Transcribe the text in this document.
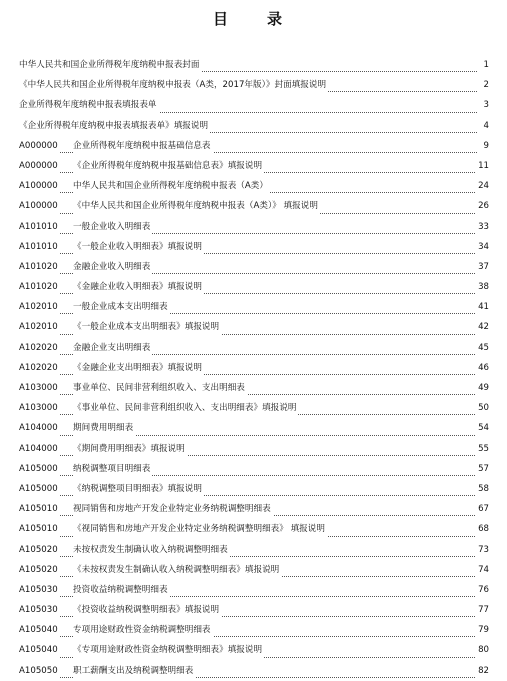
目　录
中华人民共和国企业所得税年度纳税申报表封面	1
《中华人民共和国企业所得税年度纳税申报表（A类，2017年版）》封面填报说明	2
企业所得税年度纳税申报表填报表单	3
《企业所得税年度纳税申报表填报表单》填报说明	4
A000000 企业所得税年度纳税申报基础信息表	9
A000000 《企业所得税年度纳税申报基础信息表》填报说明	11
A100000 中华人民共和国企业所得税年度纳税申报表（A类）	24
A100000 《中华人民共和国企业所得税年度纳税申报表（A类）》 填报说明	26
A101010 一般企业收入明细表	33
A101010 《一般企业收入明细表》填报说明	34
A101020 金融企业收入明细表	37
A101020 《金融企业收入明细表》填报说明	38
A102010 一般企业成本支出明细表	41
A102010 《一般企业成本支出明细表》填报说明	42
A102020 金融企业支出明细表	45
A102020 《金融企业支出明细表》填报说明	46
A103000 事业单位、民间非营利组织收入、支出明细表	49
A103000 《事业单位、民间非营利组织收入、支出明细表》填报说明	50
A104000 期间费用明细表	54
A104000 《期间费用明细表》填报说明	55
A105000 纳税调整项目明细表	57
A105000 《纳税调整项目明细表》填报说明	58
A105010 视同销售和房地产开发企业特定业务纳税调整明细表	67
A105010 《视同销售和房地产开发企业特定业务纳税调整明细表》 填报说明	68
A105020 未按权责发生制确认收入纳税调整明细表	73
A105020 《未按权责发生制确认收入纳税调整明细表》填报说明	74
A105030 投资收益纳税调整明细表	76
A105030 《投资收益纳税调整明细表》填报说明	77
A105040 专项用途财政性资金纳税调整明细表	79
A105040 《专项用途财政性资金纳税调整明细表》填报说明	80
A105050 职工薪酬支出及纳税调整明细表	82
